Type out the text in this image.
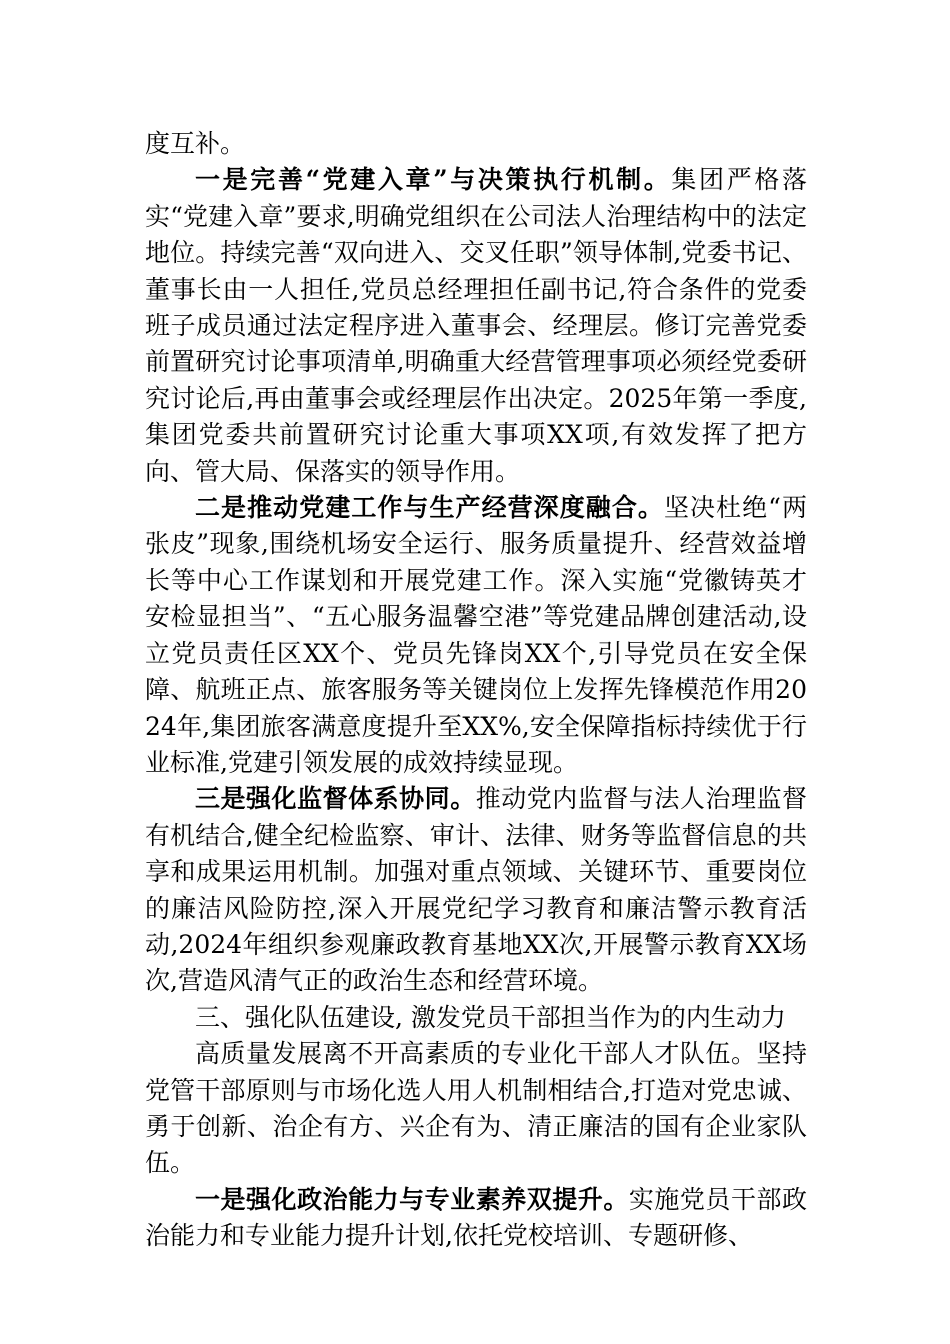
度互补。

一是完善“党建入章”与决策执行机制。集团严格落实“党建入章”要求,明确党组织在公司法人治理结构中的法定地位。持续完善“双向进入、交叉任职”领导体制,党委书记、董事长由一人担任,党员总经理担任副书记,符合条件的党委班子成员通过法定程序进入董事会、经理层。修订完善党委前置研究讨论事项清单,明确重大经营管理事项必须经党委研究讨论后,再由董事会或经理层作出决定。2025年第一季度,集团党委共前置研究讨论重大事项XX项,有效发挥了把方向、管大局、保落实的领导作用。

二是推动党建工作与生产经营深度融合。坚决杜绝“两张皮”现象,围绕机场安全运行、服务质量提升、经营效益增长等中心工作谋划和开展党建工作。深入实施“党徽铸英才 安检显担当”、“五心服务温馨空港”等党建品牌创建活动,设立党员责任区XX个、党员先锋岗XX个,引导党员在安全保障、航班正点、旅客服务等关键岗位上发挥先锋模范作用2024年,集团旅客满意度提升至XX%,安全保障指标持续优于行业标准,党建引领发展的成效持续显现。

三是强化监督体系协同。推动党内监督与法人治理监督有机结合,健全纪检监察、审计、法律、财务等监督信息的共享和成果运用机制。加强对重点领域、关键环节、重要岗位的廉洁风险防控,深入开展党纪学习教育和廉洁警示教育活动,2024年组织参观廉政教育基地XX次,开展警示教育XX场次,营造风清气正的政治生态和经营环境。

三、强化队伍建设, 激发党员干部担当作为的内生动力

高质量发展离不开高素质的专业化干部人才队伍。坚持党管干部原则与市场化选人用人机制相结合,打造对党忠诚、勇于创新、治企有方、兴企有为、清正廉洁的国有企业家队伍。

一是强化政治能力与专业素养双提升。实施党员干部政治能力和专业能力提升计划,依托党校培训、专题研修、
